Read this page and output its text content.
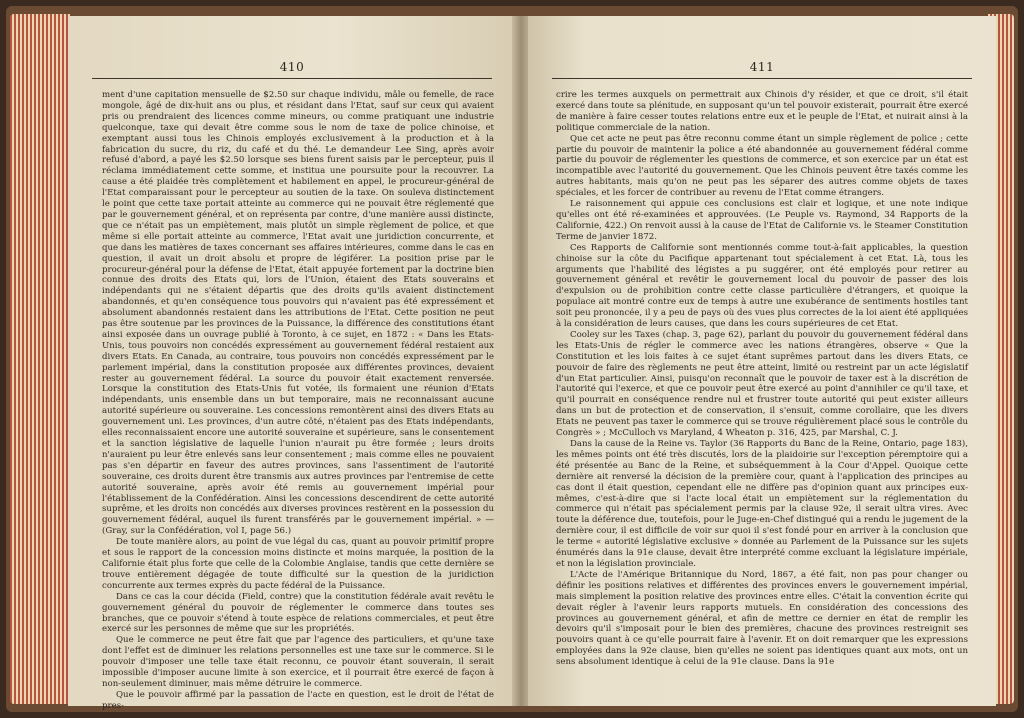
410

ment d'une capitation mensuelle de $2.50 sur chaque individu, mâle ou femelle, de race mongole, âgé de dix-huit ans ou plus, et résidant dans l'Etat, sauf sur ceux qui avaient pris ou prendraient des licences comme mineurs, ou comme pratiquant une industrie quelconque, taxe qui devait être comme sous le nom de taxe de police chinoise, et exemptant aussi tous les Chinois employés exclusivement à la production et à la fabrication du sucre, du riz, du café et du thé. Le demandeur Lee Sing, après avoir refusé d'abord, a payé les $2.50 lorsque ses biens furent saisis par le percepteur, puis il réclama immédiatement cette somme, et institua une poursuite pour la recouvrer. La cause a été plaidée très complètement et habilement en appel, le procureur-général de l'Etat comparaissant pour le percepteur au soutien de la taxe. On souleva distinctement le point que cette taxe portait atteinte au commerce qui ne pouvait être réglementé que par le gouvernement général, et on représenta par contre, d'une manière aussi distincte, que ce n'était pas un empiètement, mais plutôt un simple règlement de police, et que même si elle portait atteinte au commerce, l'Etat avait une juridiction concurrente, et que dans les matières de taxes concernant ses affaires intérieures, comme dans le cas en question, il avait un droit absolu et propre de légiférer. La position prise par le procureur-général pour la défense de l'Etat, était appuyée fortement par la doctrine bien connue des droits des Etats qui, lors de l'Union, étaient des Etats souverains et indépendants qui ne s'étaient départis que des droits qu'ils avaient distinctement abandonnés, et qu'en conséquence tous pouvoirs qui n'avaient pas été expressément et absolument abandonnés restaient dans les attributions de l'Etat. Cette position ne peut pas être soutenue par les provinces de la Puissance, la différence des constitutions étant ainsi exposée dans un ouvrage publié à Toronto, à ce sujet, en 1872 : « Dans les Etats-Unis, tous pouvoirs non concédés expressément au gouvernement fédéral restaient aux divers Etats. En Canada, au contraire, tous pouvoirs non concédés expressément par le parlement impérial, dans la constitution proposée aux différentes provinces, devaient rester au gouvernement fédéral. La source du pouvoir était exactement renversée. Lorsque la constitution des Etats-Unis fut votée, ils formaient une réunion d'Etats indépendants, unis ensemble dans un but temporaire, mais ne reconnaissant aucune autorité supérieure ou souveraine. Les concessions remontèrent ainsi des divers Etats au gouvernement uni. Les provinces, d'un autre côté, n'étaient pas des Etats indépendants, elles reconnaissaient encore une autorité souveraine et supérieure, sans le consentement et la sanction législative de laquelle l'union n'aurait pu être formée ; leurs droits n'auraient pu leur être enlevés sans leur consentement ; mais comme elles ne pouvaient pas s'en départir en faveur des autres provinces, sans l'assentiment de l'autorité souveraine, ces droits durent être transmis aux autres provinces par l'entremise de cette autorité souveraine, après avoir été remis au gouvernement impérial pour l'établissement de la Confédération. Ainsi les concessions descendirent de cette autorité suprême, et les droits non concédés aux diverses provinces restèrent en la possession du gouvernement fédéral, auquel ils furent transférés par le gouvernement impérial. » —(Gray, sur la Confédération, vol I, page 56.)

De toute manière alors, au point de vue légal du cas, quant au pouvoir primitif propre et sous le rapport de la concession moins distincte et moins marquée, la position de la Californie était plus forte que celle de la Colombie Anglaise, tandis que cette dernière se trouve entièrement dégagée de toute difficulté sur la question de la juridiction concurrente aux termes exprès du pacte fédéral de la Puissance.

Dans ce cas la cour décida (Field, contre) que la constitution fédérale avait revêtu le gouvernement général du pouvoir de réglementer le commerce dans toutes ses branches, que ce pouvoir s'étend à toute espèce de relations commerciales, et peut être exercé sur les personnes de même que sur les propriétés.

Que le commerce ne peut être fait que par l'agence des particuliers, et qu'une taxe dont l'effet est de diminuer les relations personnelles est une taxe sur le commerce. Si le pouvoir d'imposer une telle taxe était reconnu, ce pouvoir étant souverain, il serait impossible d'imposer aucune limite à son exercice, et il pourrait être exercé de façon à non-seulement diminuer, mais même détruire le commerce.

Que le pouvoir affirmé par la passation de l'acte en question, est le droit de l'état de pres-

411

crire les termes auxquels on permettrait aux Chinois d'y résider, et que ce droit, s'il était exercé dans toute sa plénitude, en supposant qu'un tel pouvoir existerait, pourrait être exercé de manière à faire cesser toutes relations entre eux et le peuple de l'Etat, et nuirait ainsi à la politique commerciale de la nation.

Que cet acte ne peut pas être reconnu comme étant un simple règlement de police ; cette partie du pouvoir de maintenir la police a été abandonnée au gouvernement fédéral comme partie du pouvoir de réglementer les questions de commerce, et son exercice par un état est incompatible avec l'autorité du gouvernement. Que les Chinois peuvent être taxés comme les autres habitants, mais qu'on ne peut pas les séparer des autres comme objets de taxes spéciales, et les forcer de contribuer au revenu de l'Etat comme étrangers.

Le raisonnement qui appuie ces conclusions est clair et logique, et une note indique qu'elles ont été ré-examinées et approuvées. (Le Peuple vs. Raymond, 34 Rapports de la Californie, 422.) On renvoit aussi à la cause de l'Etat de Californie vs. le Steamer Constitution Terme de janvier 1872.

Ces Rapports de Californie sont mentionnés comme tout-à-fait applicables, la question chinoise sur la côte du Pacifique appartenant tout spécialement à cet Etat. Là, tous les arguments que l'habilité des légistes a pu suggérer, ont été employés pour retirer au gouvernement général et revêtir le gouvernement local du pouvoir de passer des lois d'expulsion ou de prohibition contre cette classe particulière d'étrangers, et quoique la populace ait montré contre eux de temps à autre une exubérance de sentiments hostiles tant soit peu prononcée, il y a peu de pays où des vues plus correctes de la loi aient été appliquées à la considération de leurs causes, que dans les cours supérieures de cet Etat.

Cooley sur les Taxes (chap. 3, page 62), parlant du pouvoir du gouvernement fédéral dans les Etats-Unis de régler le commerce avec les nations étrangères, observe « Que la Constitution et les lois faites à ce sujet étant suprêmes partout dans les divers Etats, ce pouvoir de faire des règlements ne peut être atteint, limité ou restreint par un acte législatif d'un Etat particulier. Ainsi, puisqu'on reconnaît que le pouvoir de taxer est à la discrétion de l'autorité qui l'exerce, et que ce pouvoir peut être exercé au point d'annihiler ce qu'il taxe, et qu'il pourrait en conséquence rendre nul et frustrer toute autorité qui peut exister ailleurs dans un but de protection et de conservation, il s'ensuit, comme corollaire, que les divers Etats ne peuvent pas taxer le commerce qui se trouve régulièrement placé sous le contrôle du Congrès » ; McCulloch vs Maryland, 4 Wheaton p. 316, 425, par Marshal, C. J.

Dans la cause de la Reine vs. Taylor (36 Rapports du Banc de la Reine, Ontario, page 183), les mêmes points ont été très discutés, lors de la plaidoirie sur l'exception péremptoire qui a été présentée au Banc de la Reine, et subséquemment à la Cour d'Appel. Quoique cette dernière ait renversé la décision de la première cour, quant à l'application des principes au cas dont il était question, cependant elle ne diffère pas d'opinion quant aux principes eux-mêmes, c'est-à-dire que si l'acte local était un empiètement sur la réglementation du commerce qui n'était pas spécialement permis par la clause 92e, il serait ultra vires. Avec toute la déférence due, toutefois, pour le Juge-en-Chef distingué qui a rendu le jugement de la dernière cour, il est difficile de voir sur quoi il s'est fondé pour en arriver à la conclusion que le terme « autorité législative exclusive » donnée au Parlement de la Puissance sur les sujets énumérés dans la 91e clause, devait être interprété comme excluant la législature impériale, et non la législation provinciale.

L'Acte de l'Amérique Britannique du Nord, 1867, a été fait, non pas pour changer ou définir les positions relatives et différentes des provinces envers le gouvernement impérial, mais simplement la position relative des provinces entre elles. C'était la convention écrite qui devait régler à l'avenir leurs rapports mutuels. En considération des concessions des provinces au gouvernement général, et afin de mettre ce dernier en état de remplir les devoirs qu'il s'imposait pour le bien des premières, chacune des provinces restreignit ses pouvoirs quant à ce qu'elle pourrait faire à l'avenir. Et on doit remarquer que les expressions employées dans la 92e clause, bien qu'elles ne soient pas identiques quant aux mots, ont un sens absolument identique à celui de la 91e clause. Dans la 91e
